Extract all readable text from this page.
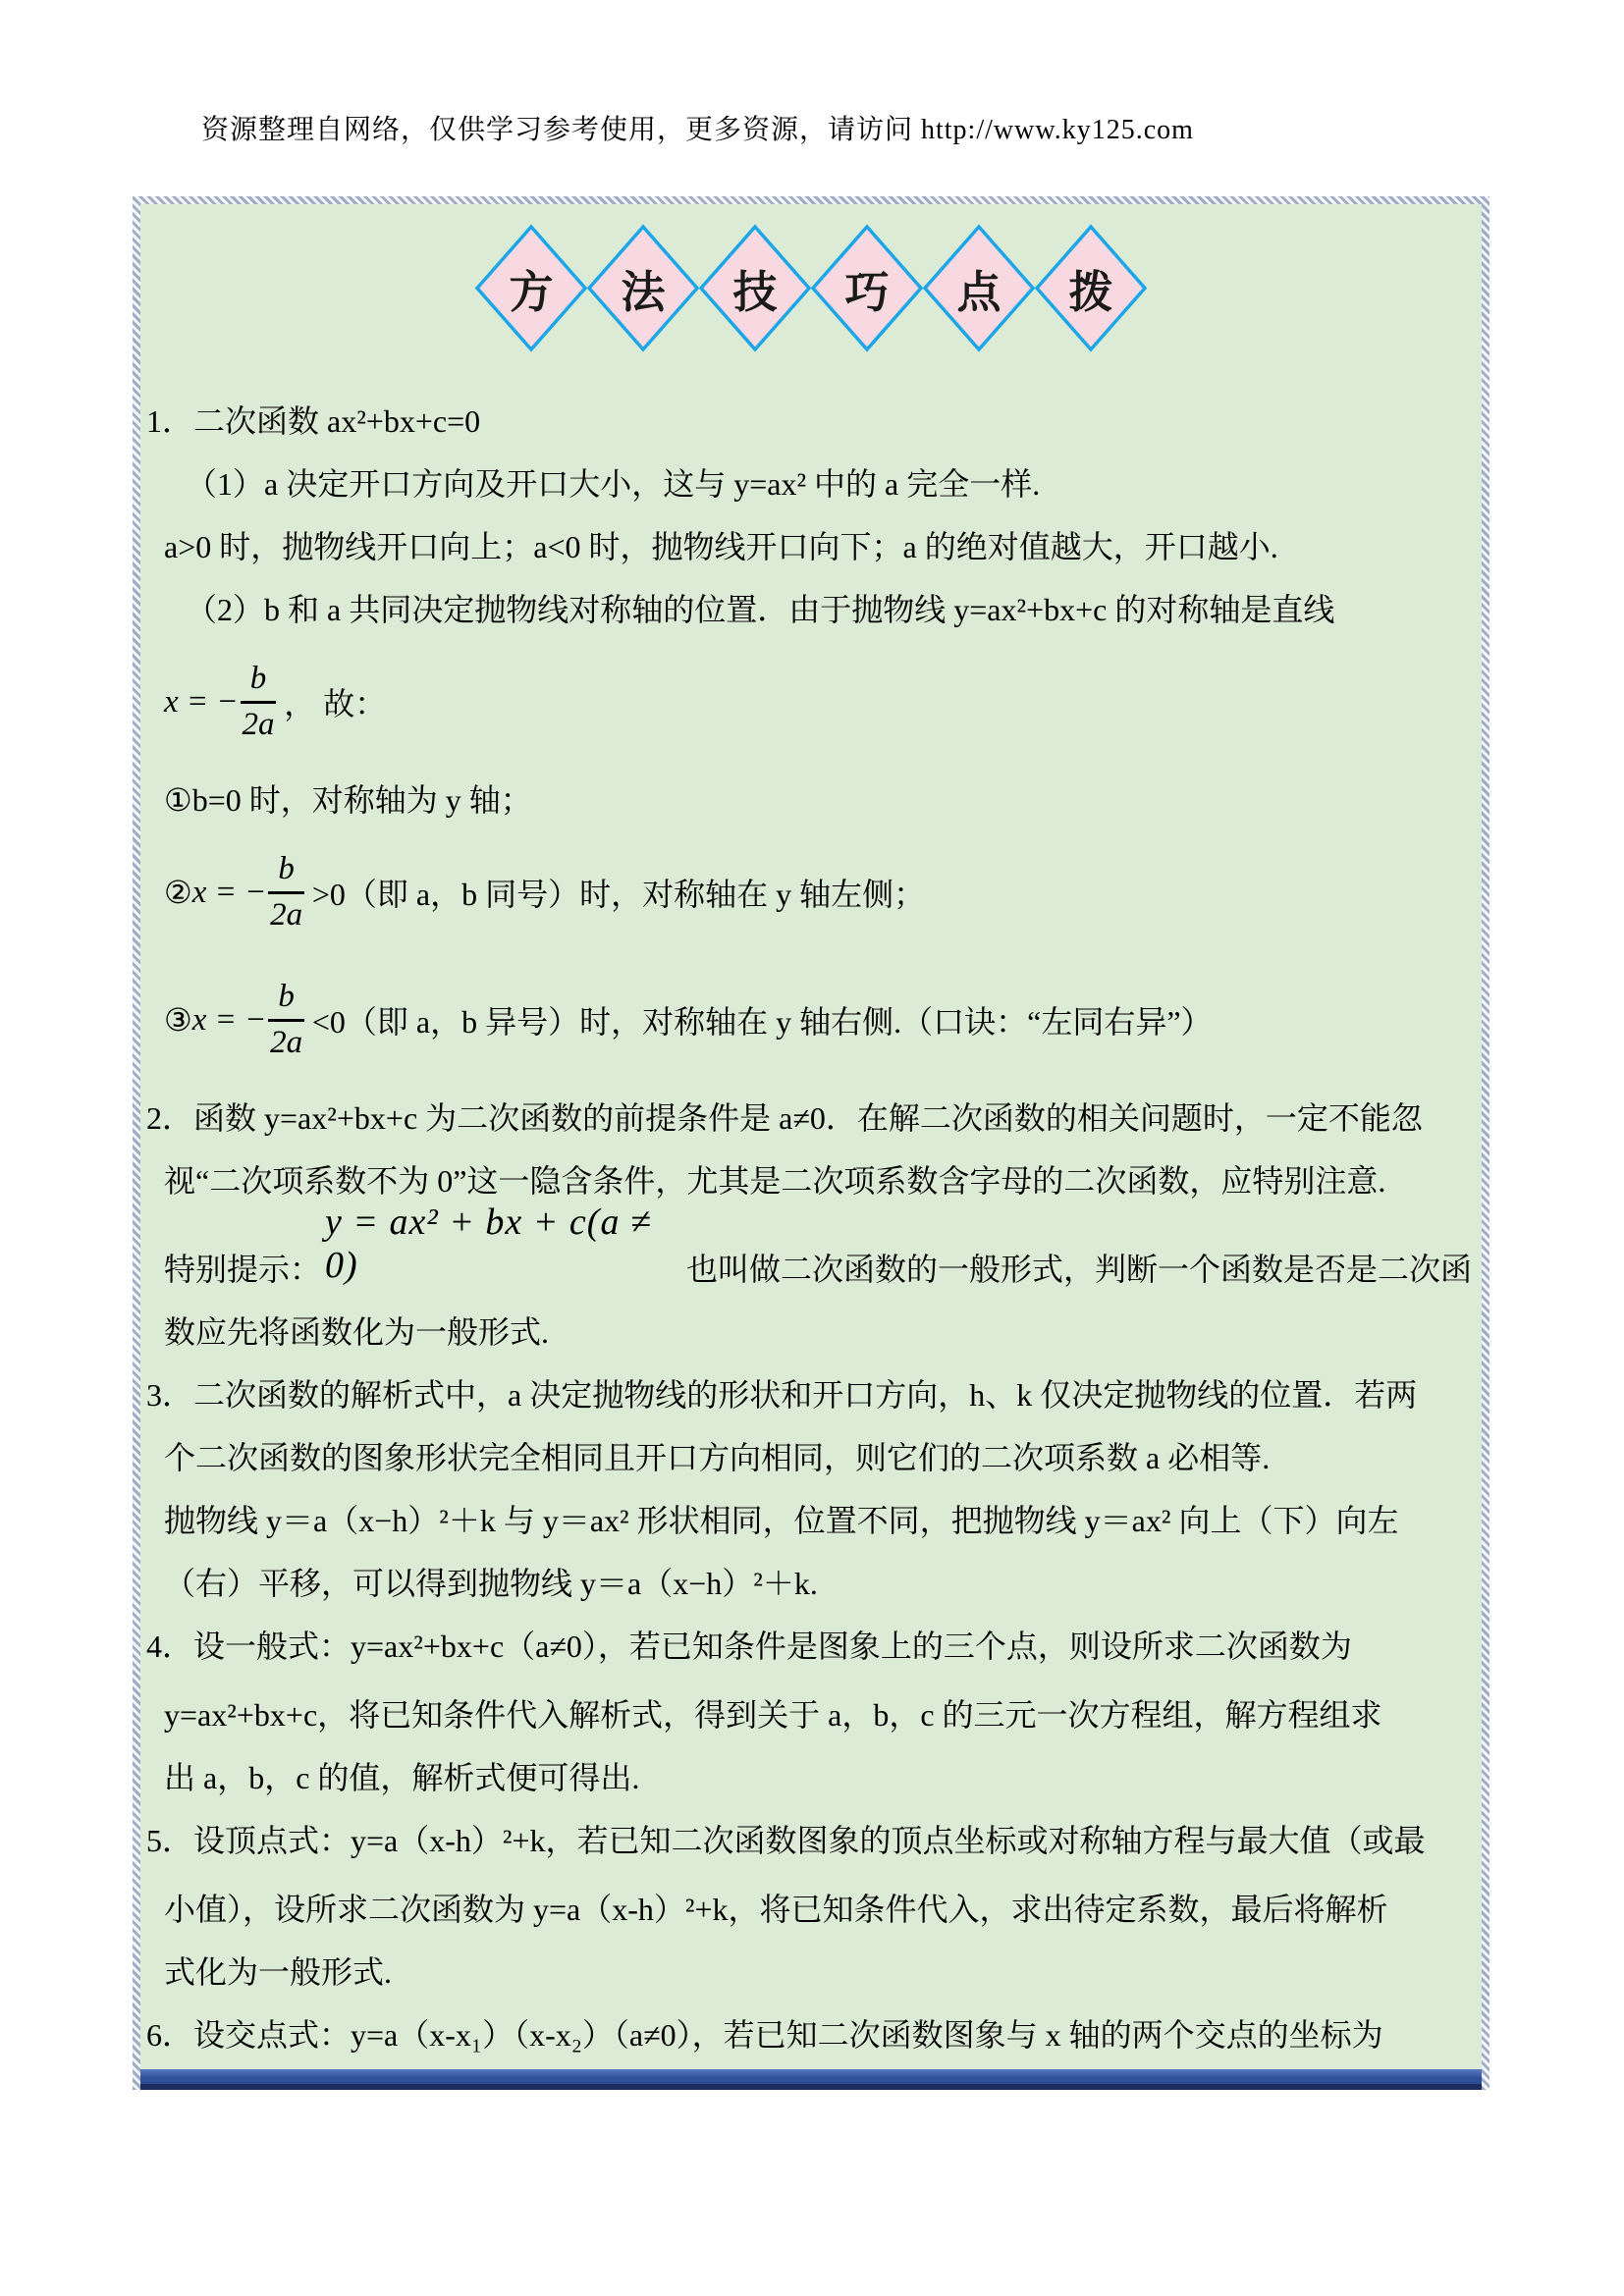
资源整理自网络，仅供学习参考使用，更多资源，请访问 http://www.ky125.com
方	法	技	巧	点	拨

1．二次函数 ax²+bx+c=0

（1）a 决定开口方向及开口大小，这与 y=ax² 中的 a 完全一样.

a>0 时，抛物线开口向上；a<0 时，抛物线开口向下；a 的绝对值越大，开口越小.

（2）b 和 a 共同决定抛物线对称轴的位置．由于抛物线 y=ax²+bx+c 的对称轴是直线

x = − $\frac{b}{2a}$ ， 故：

①b=0 时，对称轴为 y 轴；

② x = − $\frac{b}{2a} >0$（即 a，b 同号）时，对称轴在 y 轴左侧；
③ x = − $\frac{b}{2a} <0$（即 a，b 异号）时，对称轴在 y 轴右侧.（口诀：“左同右异”）

2．函数 y=ax²+bx+c 为二次函数的前提条件是 a≠0．在解二次函数的相关问题时，一定不能忽

视“二次项系数不为 0”这一隐含条件，尤其是二次项系数含字母的二次函数，应特别注意.

特别提示：
y = ax² + bx + c(a ≠ 0)	也叫做二次函数的一般形式，判断一个函数是否是二次函

数应先将函数化为一般形式.

3．二次函数的解析式中，a 决定抛物线的形状和开口方向，h、k 仅决定抛物线的位置．若两

个二次函数的图象形状完全相同且开口方向相同，则它们的二次项系数 a 必相等.

抛物线 y＝a（x−h）²＋k 与 y＝ax² 形状相同，位置不同，把抛物线 y＝ax² 向上（下）向左

（右）平移，可以得到抛物线 y＝a（x−h）²＋k.

4．设一般式：y=ax²+bx+c（a≠0），若已知条件是图象上的三个点，则设所求二次函数为

y=ax²+bx+c，将已知条件代入解析式，得到关于 a，b，c 的三元一次方程组，解方程组求

出 a，b，c 的值，解析式便可得出.

5．设顶点式：y=a（x-h）²+k，若已知二次函数图象的顶点坐标或对称轴方程与最大值（或最

小值），设所求二次函数为 y=a（x-h）²+k，将已知条件代入，求出待定系数，最后将解析

式化为一般形式.

6．设交点式：y=a（x-x₁）（x-x₂）（a≠0），若已知二次函数图象与 x 轴的两个交点的坐标为
